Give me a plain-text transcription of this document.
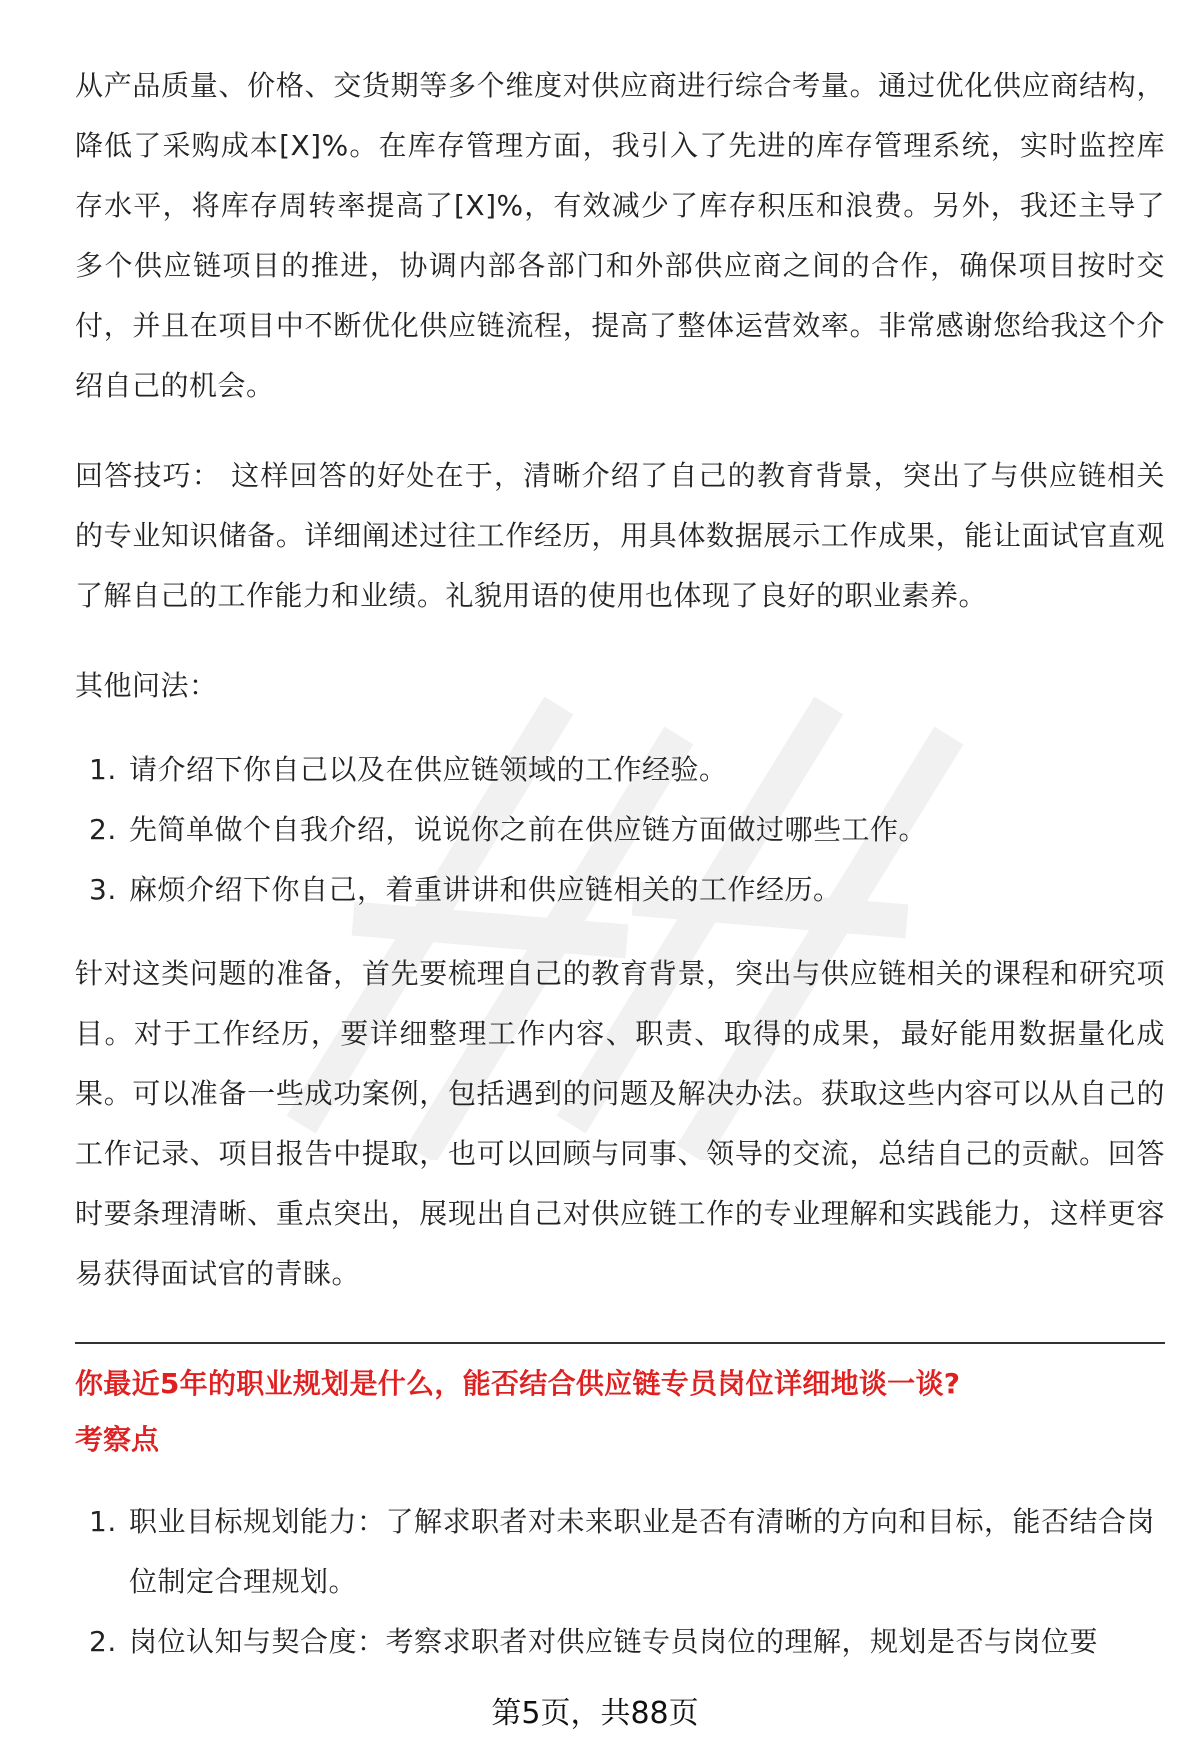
从产品质量、价格、交货期等多个维度对供应商进行综合考量。通过优化供应商结构，降低了采购成本[X]%。在库存管理方面，我引入了先进的库存管理系统，实时监控库存水平，将库存周转率提高了[X]%，有效减少了库存积压和浪费。另外，我还主导了多个供应链项目的推进，协调内部各部门和外部供应商之间的合作，确保项目按时交付，并且在项目中不断优化供应链流程，提高了整体运营效率。非常感谢您给我这个介绍自己的机会。

回答技巧： 这样回答的好处在于，清晰介绍了自己的教育背景，突出了与供应链相关的专业知识储备。详细阐述过往工作经历，用具体数据展示工作成果，能让面试官直观了解自己的工作能力和业绩。礼貌用语的使用也体现了良好的职业素养。

其他问法：

1. 请介绍下你自己以及在供应链领域的工作经验。
2. 先简单做个自我介绍，说说你之前在供应链方面做过哪些工作。
3. 麻烦介绍下你自己，着重讲讲和供应链相关的工作经历。

针对这类问题的准备，首先要梳理自己的教育背景，突出与供应链相关的课程和研究项目。对于工作经历，要详细整理工作内容、职责、取得的成果，最好能用数据量化成果。可以准备一些成功案例，包括遇到的问题及解决办法。获取这些内容可以从自己的工作记录、项目报告中提取，也可以回顾与同事、领导的交流，总结自己的贡献。回答时要条理清晰、重点突出，展现出自己对供应链工作的专业理解和实践能力，这样更容易获得面试官的青睐。

你最近5年的职业规划是什么，能否结合供应链专员岗位详细地谈一谈?

考察点

1. 职业目标规划能力：了解求职者对未来职业是否有清晰的方向和目标，能否结合岗位制定合理规划。
2. 岗位认知与契合度：考察求职者对供应链专员岗位的理解，规划是否与岗位要
第5页，共88页
